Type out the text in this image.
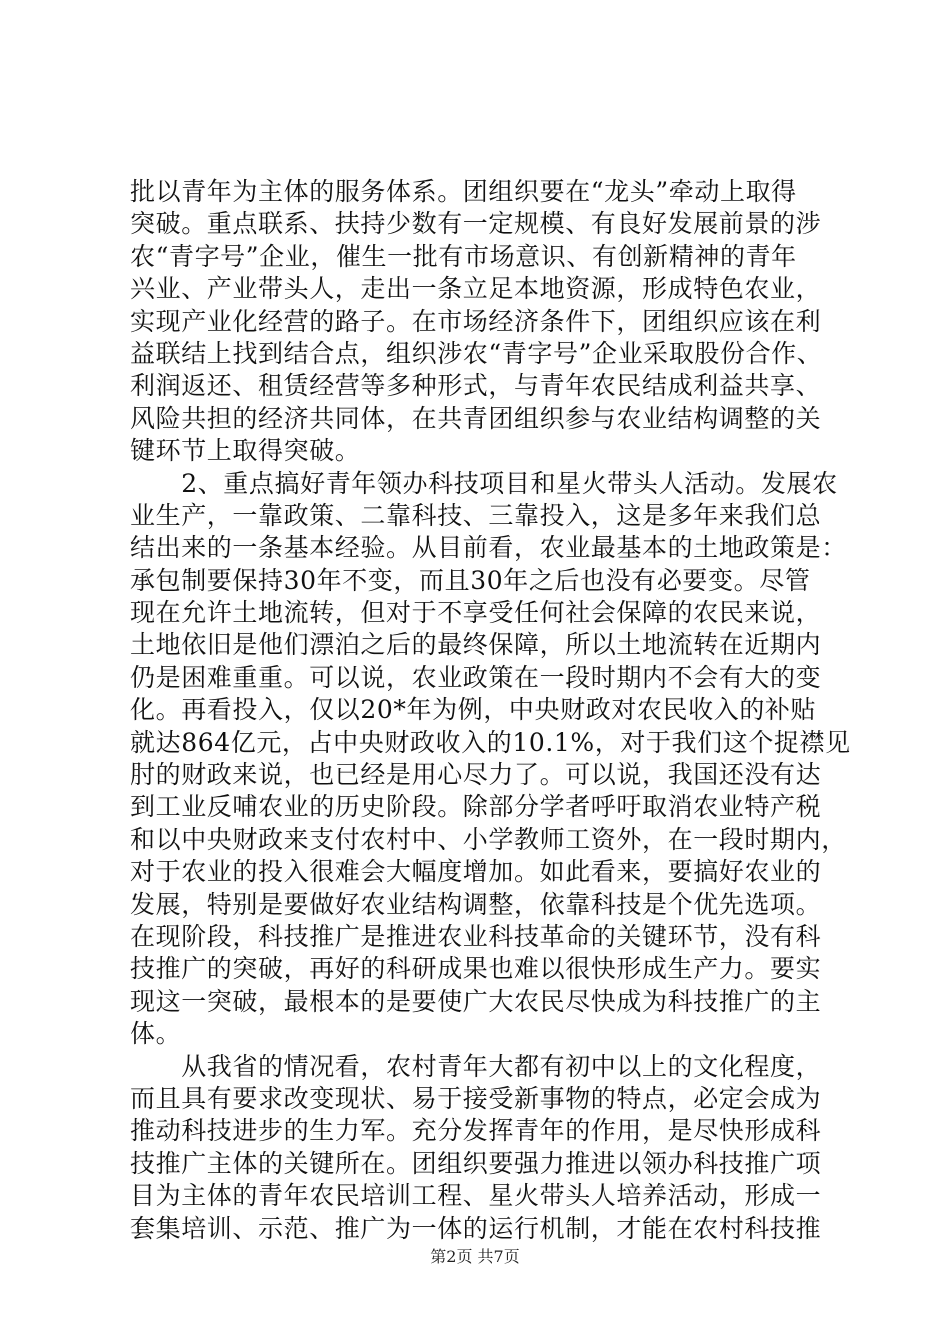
批以青年为主体的服务体系。团组织要在“龙头”牵动上取得
突破。重点联系、扶持少数有一定规模、有良好发展前景的涉
农“青字号”企业，催生一批有市场意识、有创新精神的青年
兴业、产业带头人，走出一条立足本地资源，形成特色农业，
实现产业化经营的路子。在市场经济条件下，团组织应该在利
益联结上找到结合点，组织涉农“青字号”企业采取股份合作、
利润返还、租赁经营等多种形式，与青年农民结成利益共享、
风险共担的经济共同体，在共青团组织参与农业结构调整的关
键环节上取得突破。
　　2、重点搞好青年领办科技项目和星火带头人活动。发展农
业生产，一靠政策、二靠科技、三靠投入，这是多年来我们总
结出来的一条基本经验。从目前看，农业最基本的土地政策是：
承包制要保持30年不变，而且30年之后也没有必要变。尽管
现在允许土地流转，但对于不享受任何社会保障的农民来说，
土地依旧是他们漂泊之后的最终保障，所以土地流转在近期内
仍是困难重重。可以说，农业政策在一段时期内不会有大的变
化。再看投入，仅以20*年为例，中央财政对农民收入的补贴
就达864亿元，占中央财政收入的10.1%，对于我们这个捉襟见
肘的财政来说，也已经是用心尽力了。可以说，我国还没有达
到工业反哺农业的历史阶段。除部分学者呼吁取消农业特产税
和以中央财政来支付农村中、小学教师工资外，在一段时期内，
对于农业的投入很难会大幅度增加。如此看来，要搞好农业的
发展，特别是要做好农业结构调整，依靠科技是个优先选项。
在现阶段，科技推广是推进农业科技革命的关键环节，没有科
技推广的突破，再好的科研成果也难以很快形成生产力。要实
现这一突破，最根本的是要使广大农民尽快成为科技推广的主
体。
　　从我省的情况看，农村青年大都有初中以上的文化程度，
而且具有要求改变现状、易于接受新事物的特点，必定会成为
推动科技进步的生力军。充分发挥青年的作用，是尽快形成科
技推广主体的关键所在。团组织要强力推进以领办科技推广项
目为主体的青年农民培训工程、星火带头人培养活动，形成一
套集培训、示范、推广为一体的运行机制，才能在农村科技推
第2页 共7页
